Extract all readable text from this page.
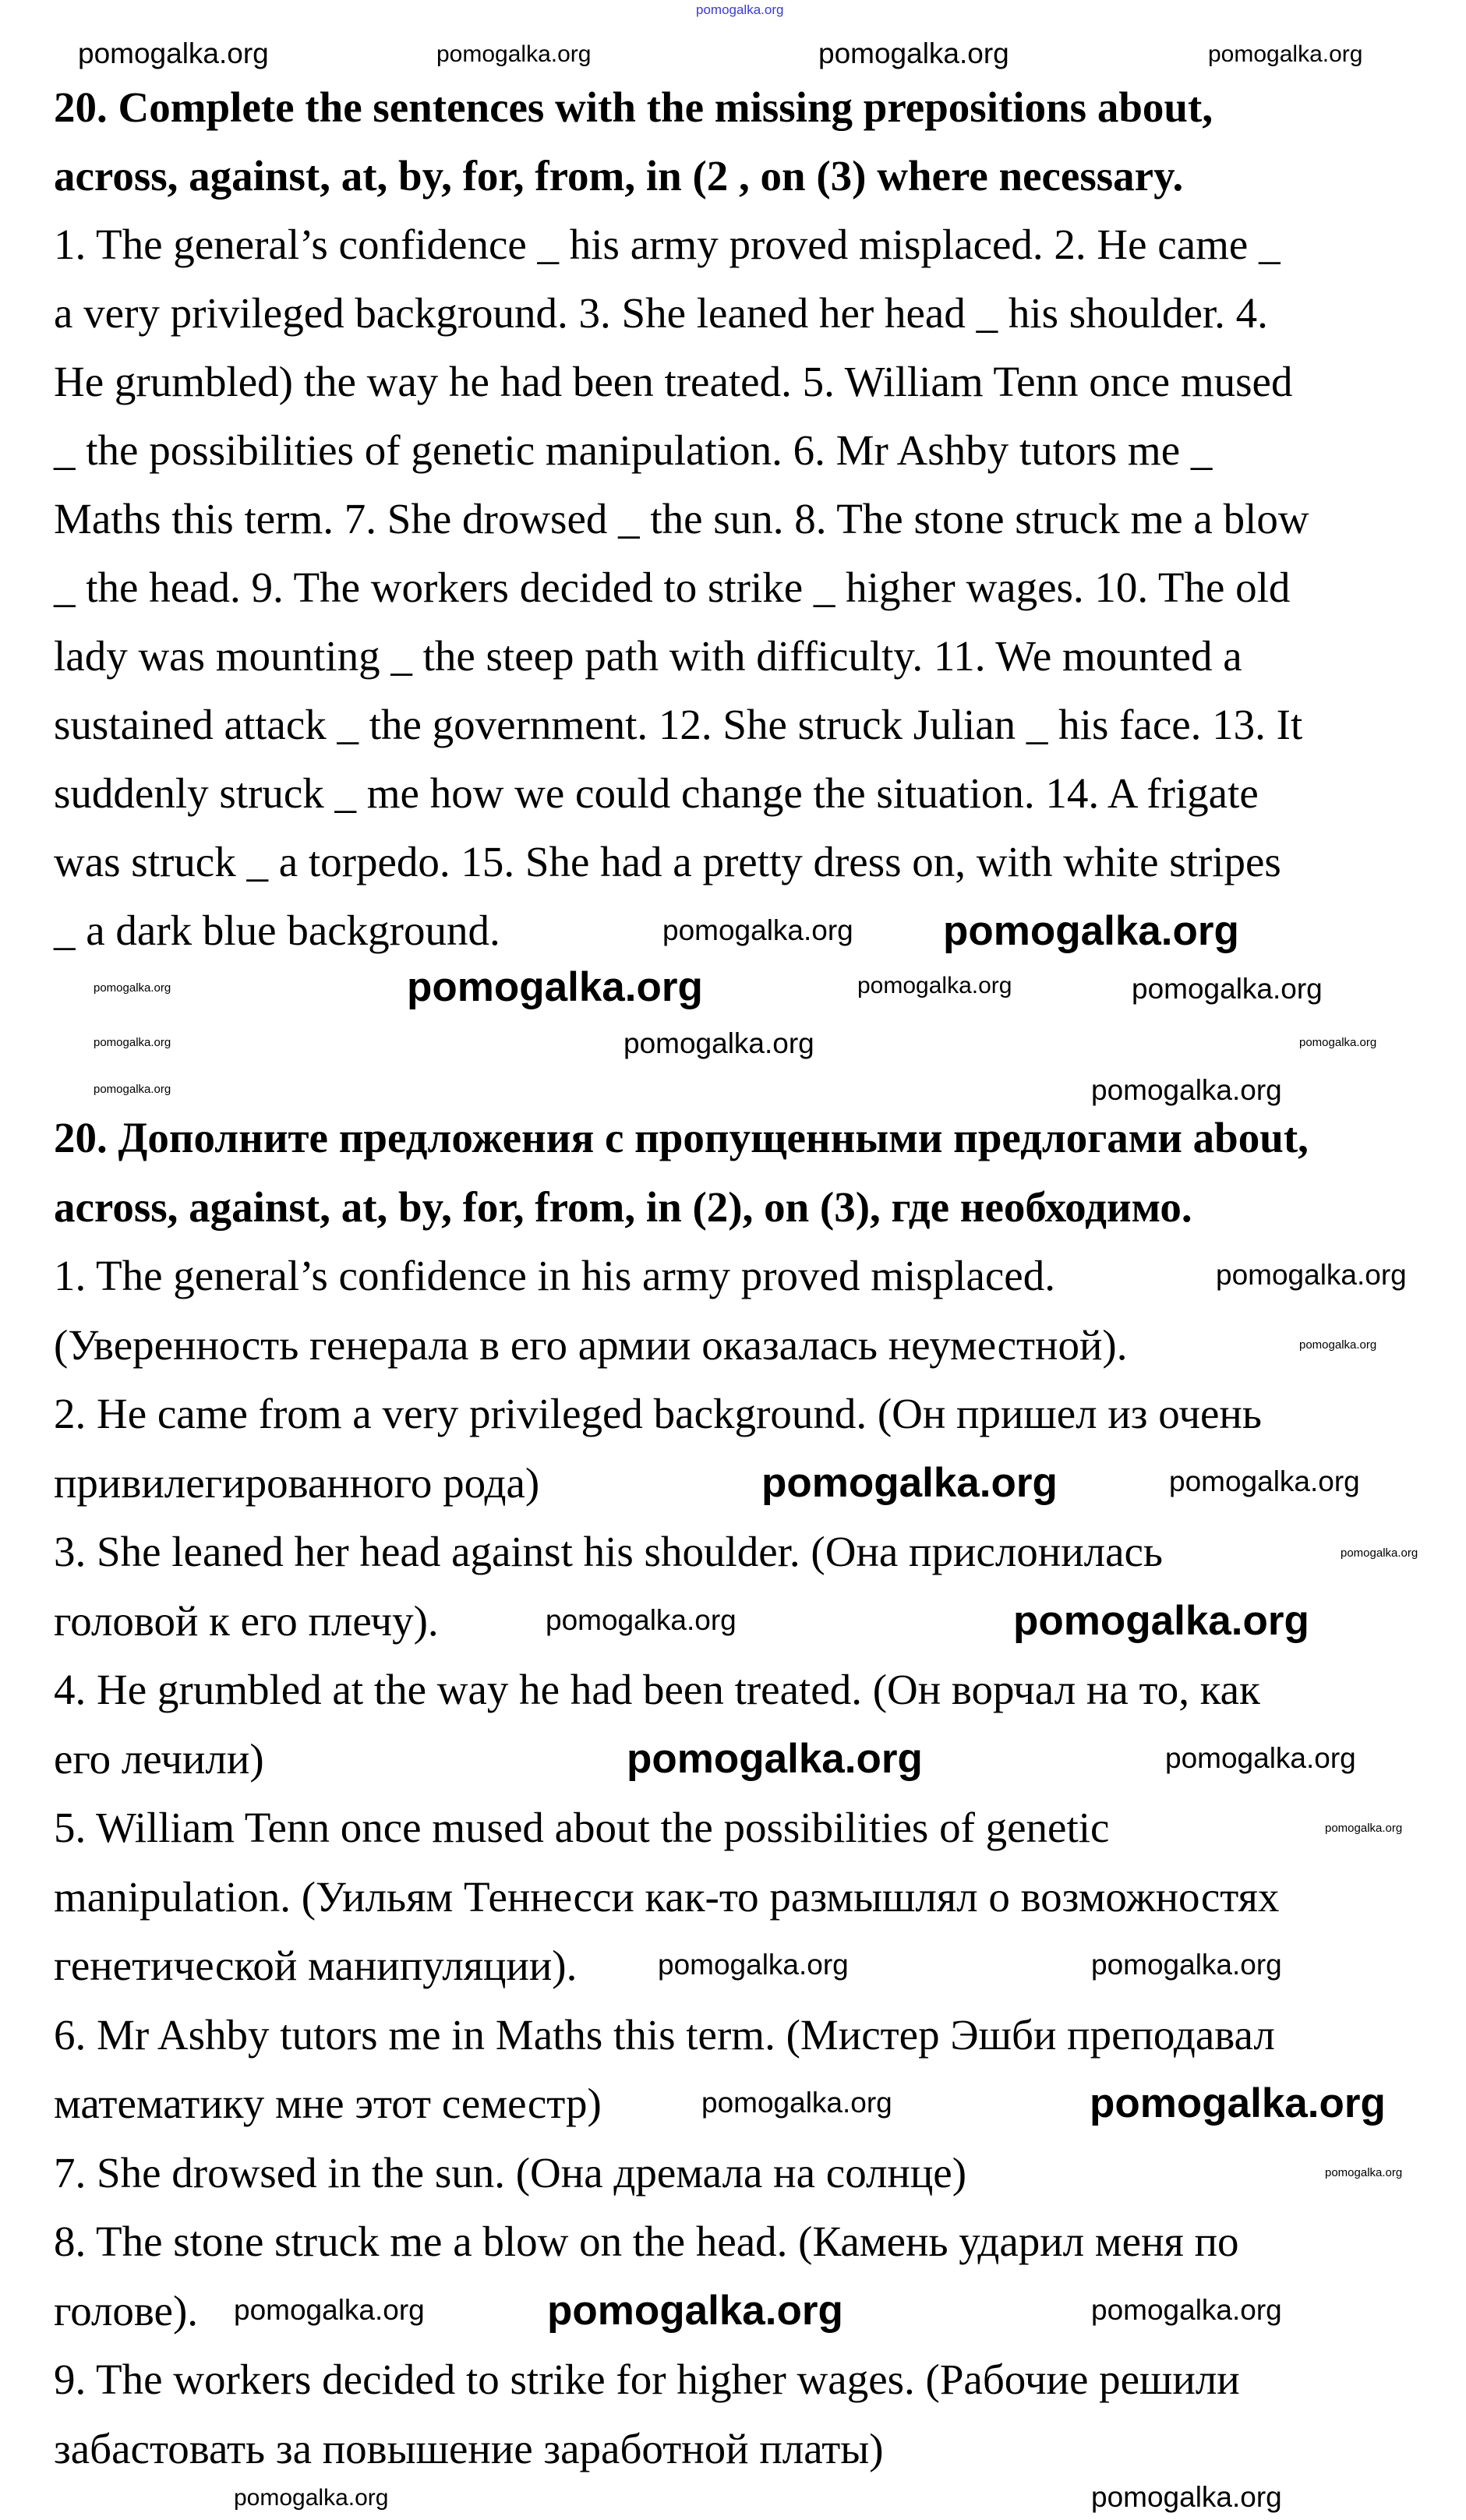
20. Complete the sentences with the missing prepositions about,
across, against, at, by, for, from, in (2 , on (3) where necessary.
1. The general’s confidence _ his army proved misplaced. 2. He came _
a very privileged background. 3. She leaned her head _ his shoulder. 4.
He grumbled) the way he had been treated. 5. William Tenn once mused
_ the possibilities of genetic manipulation. 6. Mr Ashby tutors me _
Maths this term. 7. She drowsed _ the sun. 8. The stone struck me a blow
_ the head. 9. The workers decided to strike _ higher wages. 10. The old
lady was mounting _ the steep path with difficulty. 11. We mounted a
sustained attack _ the government. 12. She struck Julian _ his face. 13. It
suddenly struck _ me how we could change the situation. 14. A frigate
was struck _ a torpedo. 15. She had a pretty dress on, with white stripes
_ a dark blue background.
20. Дополните предложения с пропущенными предлогами about,
across, against, at, by, for, from, in (2), on (3), где необходимо.
1. The general’s confidence in his army proved misplaced.
(Уверенность генерала в его армии оказалась неуместной).
2. He came from a very privileged background. (Он пришел из очень
привилегированного рода)
3. She leaned her head against his shoulder. (Она прислонилась
головой к его плечу).
4. He grumbled at the way he had been treated. (Он ворчал на то, как
его лечили)
5. William Tenn once mused about the possibilities of genetic
manipulation. (Уильям Теннесси как-то размышлял о возможностях
генетической манипуляции).
6. Mr Ashby tutors me in Maths this term. (Мистер Эшби преподавал
математику мне этот семестр)
7. She drowsed in the sun. (Она дремала на солнце)
8. The stone struck me a blow on the head. (Камень ударил меня по
голове).
9. The workers decided to strike for higher wages. (Рабочие решили
забастовать за повышение заработной платы)
pomogalka.org
pomogalka.org	pomogalka.org	pomogalka.org	pomogalka.org
pomogalka.org pomogalka.org
pomogalka.org	pomogalka.org	pomogalka.org	pomogalka.org
pomogalka.org	pomogalka.org	pomogalka.org
pomogalka.org	pomogalka.org
pomogalka.org
pomogalka.org
pomogalka.org	pomogalka.org
pomogalka.org
pomogalka.org	pomogalka.org
pomogalka.org	pomogalka.org
pomogalka.org
pomogalka.org	pomogalka.org
pomogalka.org	pomogalka.org
pomogalka.org
pomogalka.org	pomogalka.org	pomogalka.org
pomogalka.org	pomogalka.org
